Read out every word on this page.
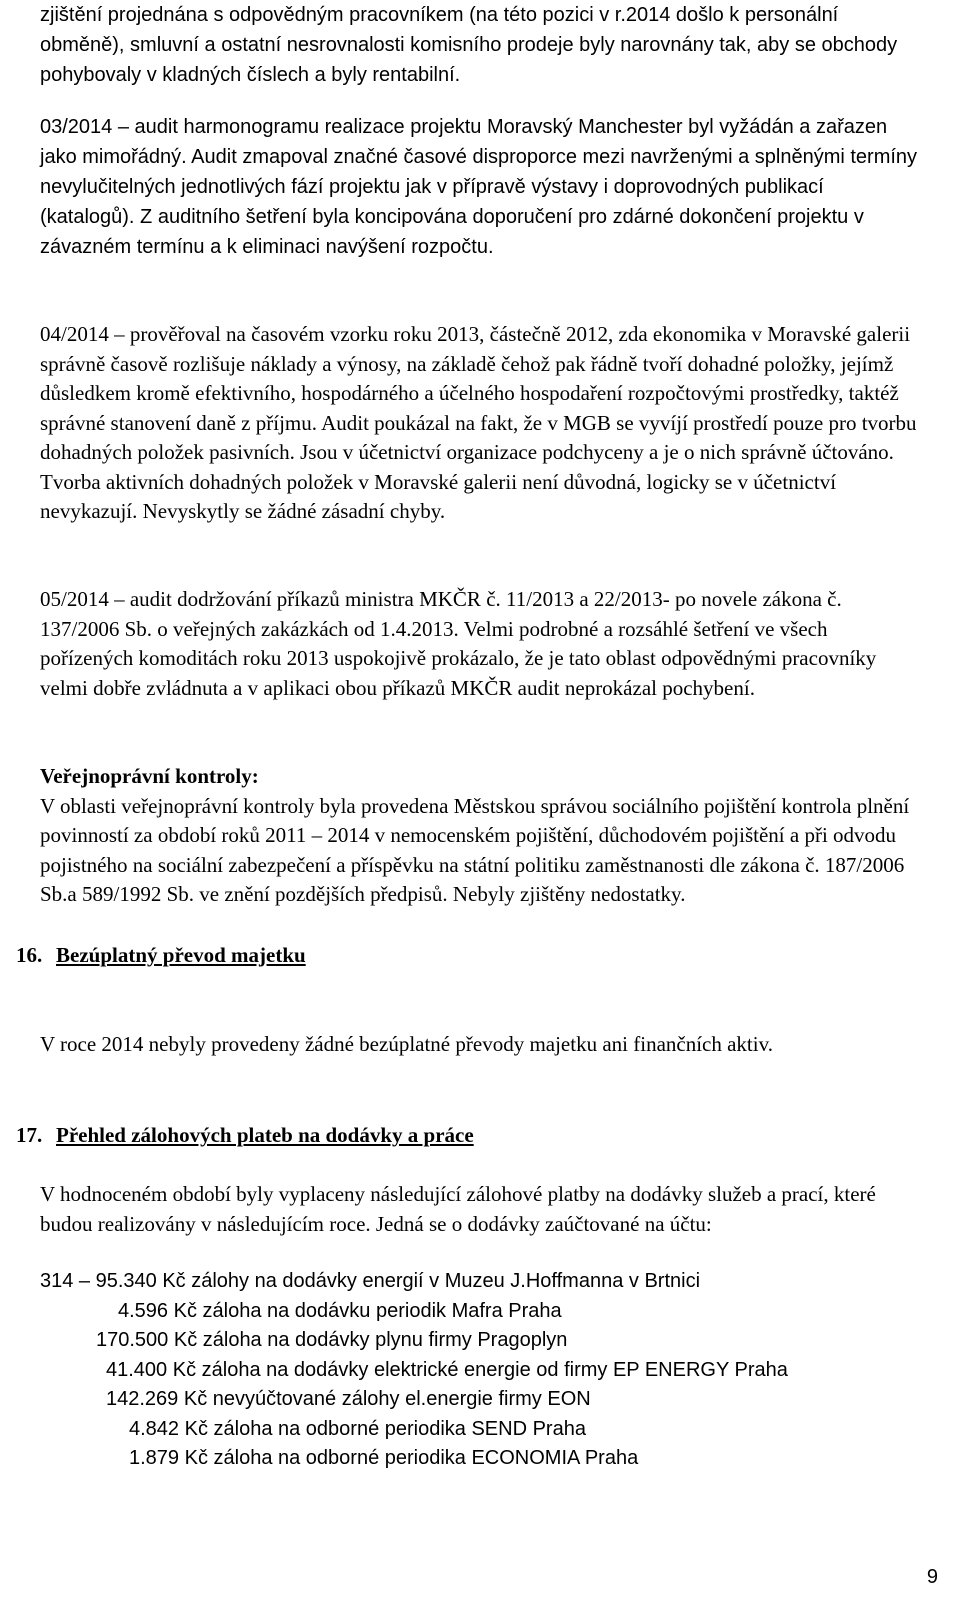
zjištění projednána s odpovědným pracovníkem (na této pozici v r.2014 došlo k personální obměně), smluvní a ostatní nesrovnalosti komisního prodeje byly narovnány tak, aby se obchody pohybovaly v kladných číslech a byly rentabilní.

03/2014 – audit harmonogramu realizace projektu Moravský Manchester byl vyžádán a zařazen jako mimořádný. Audit zmapoval značné časové disproporce mezi navrženými a splněnými termíny nevylučitelných jednotlivých fází projektu jak v přípravě výstavy i doprovodných publikací (katalogů). Z auditního šetření byla koncipována doporučení pro zdárné dokončení projektu v závazném termínu a k eliminaci navýšení rozpočtu.

04/2014 – prověřoval na časovém vzorku roku 2013, částečně 2012, zda ekonomika v Moravské galerii správně časově rozlišuje náklady a výnosy, na základě čehož pak řádně tvoří dohadné položky, jejímž důsledkem kromě efektivního, hospodárného a účelného hospodaření rozpočtovými prostředky, taktéž správné stanovení daně z příjmu. Audit poukázal na fakt, že v MGB se vyvíjí prostředí pouze pro tvorbu dohadných položek pasivních. Jsou v účetnictví organizace podchyceny a je o nich správně účtováno. Tvorba aktivních dohadných položek v Moravské galerii není důvodná, logicky se v účetnictví nevykazují. Nevyskytly se žádné zásadní chyby.

05/2014 – audit dodržování příkazů ministra MKČR č. 11/2013 a 22/2013- po novele zákona č. 137/2006 Sb. o veřejných zakázkách od 1.4.2013. Velmi podrobné a rozsáhlé šetření ve všech pořízených komoditách roku 2013 uspokojivě prokázalo, že je tato oblast odpovědnými pracovníky velmi dobře zvládnuta a v aplikaci obou příkazů MKČR audit neprokázal pochybení.

Veřejnoprávní kontroly:

V oblasti veřejnoprávní kontroly byla provedena Městskou správou sociálního pojištění kontrola plnění povinností za období roků 2011 – 2014 v nemocenském pojištění, důchodovém pojištění a při odvodu pojistného na sociální zabezpečení a příspěvku na státní politiku zaměstnanosti dle zákona č. 187/2006 Sb.a 589/1992 Sb. ve znění pozdějších předpisů. Nebyly zjištěny nedostatky.

16. Bezúplatný převod majetku

V roce 2014 nebyly provedeny žádné bezúplatné převody majetku ani finančních aktiv.

17. Přehled zálohových plateb na dodávky a práce

V hodnoceném období byly vyplaceny následující zálohové platby na dodávky služeb a prací, které budou realizovány v následujícím roce. Jedná se o dodávky zaúčtované na účtu:

314 – 95.340 Kč zálohy na dodávky energií v Muzeu J.Hoffmanna v Brtnici
4.596 Kč záloha na dodávku periodik Mafra Praha
170.500 Kč záloha na dodávky plynu firmy Pragoplyn
41.400 Kč záloha na dodávky elektrické energie od firmy EP ENERGY Praha
142.269 Kč nevyúčtované zálohy el.energie firmy EON
4.842 Kč záloha na odborné periodika SEND Praha
1.879 Kč záloha na odborné periodika ECONOMIA Praha
9
